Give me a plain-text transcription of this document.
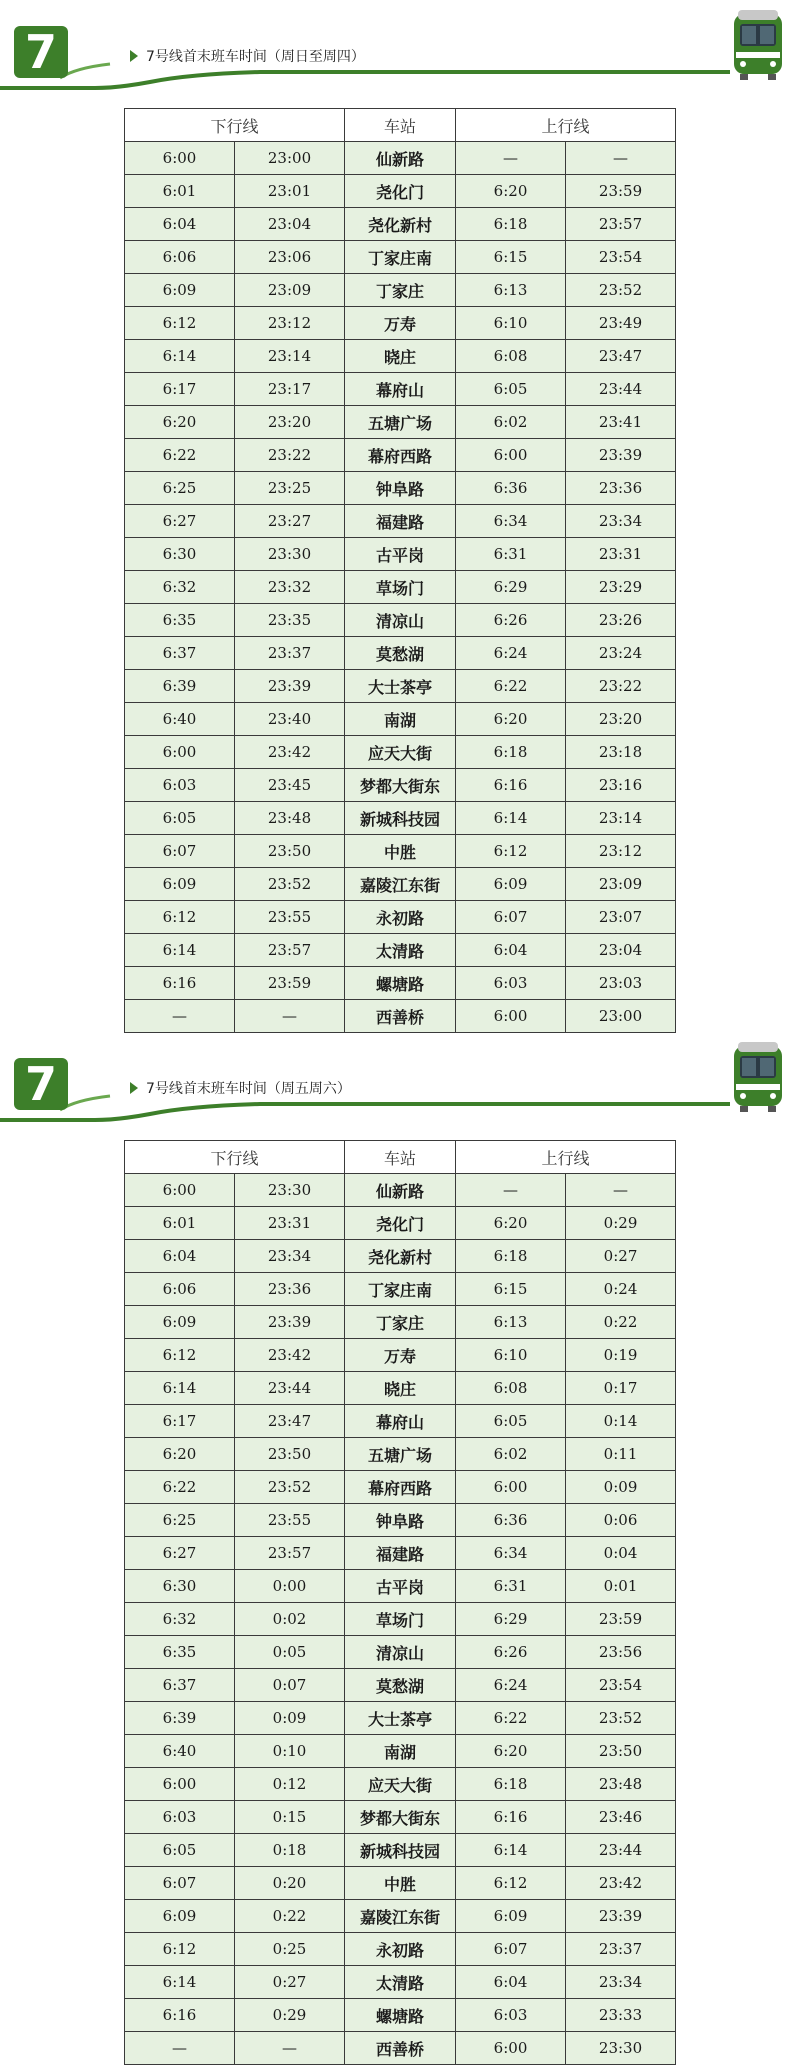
7	7号线首末班车时间（周日至周四）
下行线		车站	上行线	
6:00	23:00	仙新路	—	—
6:01	23:01	尧化门	6:20	23:59
6:04	23:04	尧化新村	6:18	23:57
6:06	23:06	丁家庄南	6:15	23:54
6:09	23:09	丁家庄	6:13	23:52
6:12	23:12	万寿	6:10	23:49
6:14	23:14	晓庄	6:08	23:47
6:17	23:17	幕府山	6:05	23:44
6:20	23:20	五塘广场	6:02	23:41
6:22	23:22	幕府西路	6:00	23:39
6:25	23:25	钟阜路	6:36	23:36
6:27	23:27	福建路	6:34	23:34
6:30	23:30	古平岗	6:31	23:31
6:32	23:32	草场门	6:29	23:29
6:35	23:35	清凉山	6:26	23:26
6:37	23:37	莫愁湖	6:24	23:24
6:39	23:39	大士茶亭	6:22	23:22
6:40	23:40	南湖	6:20	23:20
6:00	23:42	应天大街	6:18	23:18
6:03	23:45	梦都大街东	6:16	23:16
6:05	23:48	新城科技园	6:14	23:14
6:07	23:50	中胜	6:12	23:12
6:09	23:52	嘉陵江东街	6:09	23:09
6:12	23:55	永初路	6:07	23:07
6:14	23:57	太清路	6:04	23:04
6:16	23:59	螺塘路	6:03	23:03
—	—	西善桥	6:00	23:00
7	7号线首末班车时间（周五周六）
下行线		车站	上行线	
6:00	23:30	仙新路	—	—
6:01	23:31	尧化门	6:20	0:29
6:04	23:34	尧化新村	6:18	0:27
6:06	23:36	丁家庄南	6:15	0:24
6:09	23:39	丁家庄	6:13	0:22
6:12	23:42	万寿	6:10	0:19
6:14	23:44	晓庄	6:08	0:17
6:17	23:47	幕府山	6:05	0:14
6:20	23:50	五塘广场	6:02	0:11
6:22	23:52	幕府西路	6:00	0:09
6:25	23:55	钟阜路	6:36	0:06
6:27	23:57	福建路	6:34	0:04
6:30	0:00	古平岗	6:31	0:01
6:32	0:02	草场门	6:29	23:59
6:35	0:05	清凉山	6:26	23:56
6:37	0:07	莫愁湖	6:24	23:54
6:39	0:09	大士茶亭	6:22	23:52
6:40	0:10	南湖	6:20	23:50
6:00	0:12	应天大街	6:18	23:48
6:03	0:15	梦都大街东	6:16	23:46
6:05	0:18	新城科技园	6:14	23:44
6:07	0:20	中胜	6:12	23:42
6:09	0:22	嘉陵江东街	6:09	23:39
6:12	0:25	永初路	6:07	23:37
6:14	0:27	太清路	6:04	23:34
6:16	0:29	螺塘路	6:03	23:33
—	—	西善桥	6:00	23:30
